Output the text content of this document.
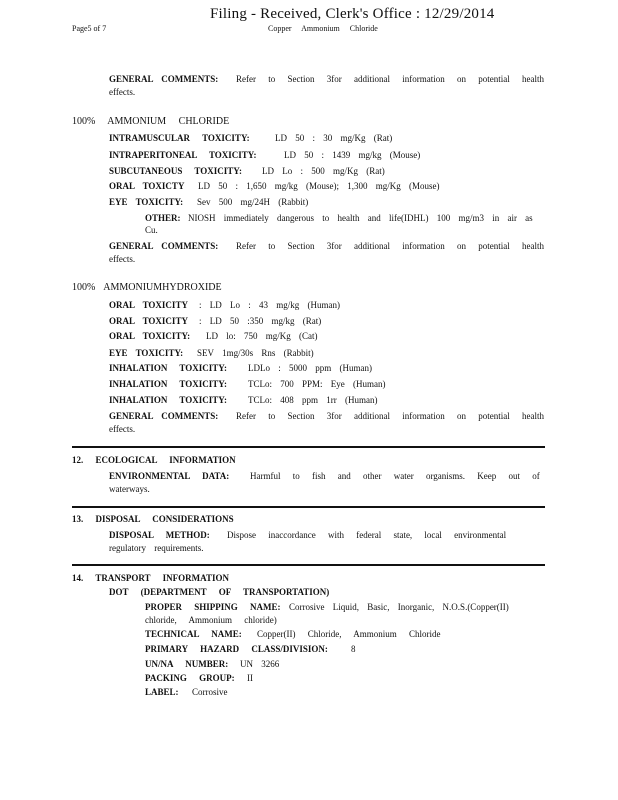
Filing - Received, Clerk's Office : 12/29/2014
Page5 of 7	Copper Ammonium Chloride
GENERAL COMMENTS: Refer to Section 3for additional information on potential health
effects.
100% AMMONIUM CHLORIDE
INTRAMUSCULAR TOXICITY:	LD 50 : 30 mg/Kg (Rat)
INTRAPERITONEAL TOXICITY:	LD 50 : 1439 mg/kg (Mouse)
SUBCUTANEOUS TOXICITY: LD Lo : 500 mg/Kg (Rat)
ORAL TOXICTY LD 50 : 1,650 mg/kg (Mouse); 1,300 mg/Kg (Mouse)
EYE TOXICITY: Sev 500 mg/24H (Rabbit)
OTHER: NIOSH immediately dangerous to health and life(IDHL) 100 mg/m3 in air as
Cu.
GENERAL COMMENTS: Refer to Section 3for additional information on potential health
effects.
100% AMMONIUMHYDROXIDE
ORAL TOXICITY : LD Lo : 43 mg/kg (Human)
ORAL TOXICITY : LD 50 :350 mg/kg (Rat)
ORAL TOXICITY: LD lo: 750 mg/Kg (Cat)
EYE TOXICITY: SEV 1mg/30s Rns (Rabbit)
INHALATION TOXICITY: LDLo : 5000 ppm (Human)
INHALATION TOXICITY: TCLo: 700 PPM: Eye (Human)
INHALATION TOXICITY: TCLo: 408 ppm 1rr (Human)
GENERAL COMMENTS: Refer to Section 3for additional information on potential health
effects.
12. ECOLOGICAL INFORMATION
ENVIRONMENTAL DATA: Harmful to fish and other water organisms. Keep out of
waterways.
13. DISPOSAL CONSIDERATIONS
DISPOSAL METHOD: Dispose inaccordance with federal state, local environmental
regulatory requirements.
14. TRANSPORT INFORMATION
DOT (DEPARTMENT OF TRANSPORTATION)
PROPER SHIPPING NAME: Corrosive Liquid, Basic, Inorganic, N.O.S.(Copper(II)
chloride, Ammonium chloride)
TECHNICAL NAME: Copper(II) Chloride, Ammonium Chloride
PRIMARY HAZARD CLASS/DIVISION:	8
UN/NA NUMBER: UN 3266
PACKING GROUP: II
LABEL: Corrosive
